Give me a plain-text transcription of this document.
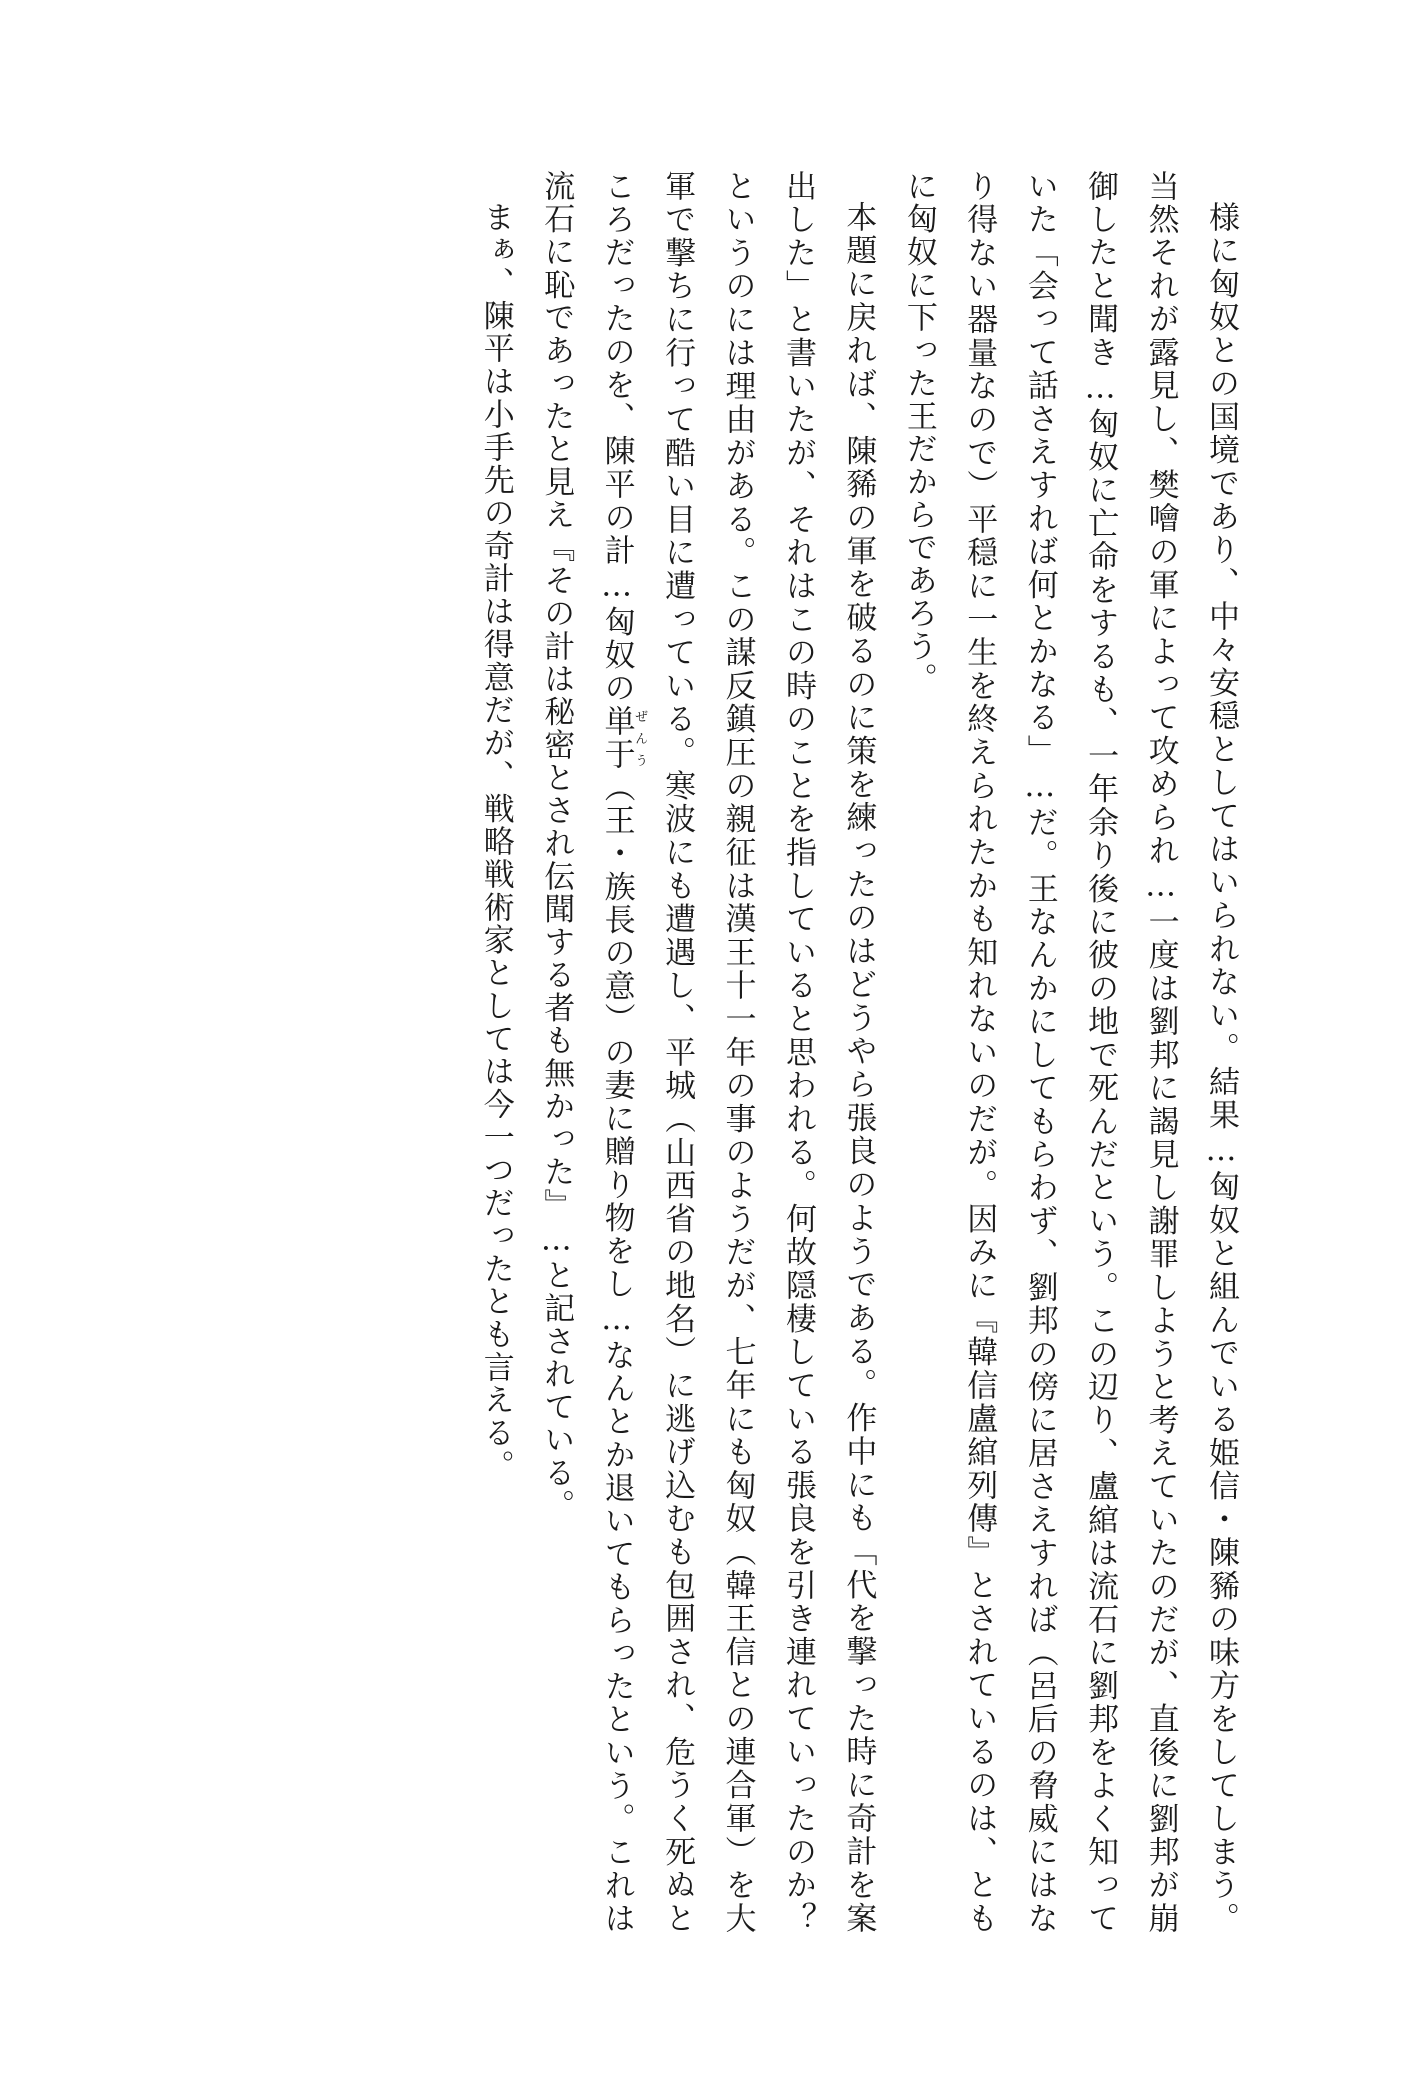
様に匈奴との国境であり、中々安穏としてはいられない。結果…匈奴と組んでいる姫信・陳豨の味方をしてしまう。当然それが露見し、樊噲の軍によって攻められ…一度は劉邦に謁見し謝罪しようと考えていたのだが、直後に劉邦が崩御したと聞き…匈奴に亡命をするも、一年余り後に彼の地で死んだという。この辺り、盧綰は流石に劉邦をよく知っていた「会って話さえすれば何とかなる」…だ。王なんかにしてもらわず、劉邦の傍に居さえすれば（呂后の脅威にはなり得ない器量なので）平穏に一生を終えられたかも知れないのだが。因みに『韓信盧綰列傳』とされているのは、ともに匈奴に下った王だからであろう。

本題に戻れば、陳豨の軍を破るのに策を練ったのはどうやら張良のようである。作中にも「代を撃った時に奇計を案出した」と書いたが、それはこの時のことを指していると思われる。何故隠棲している張良を引き連れていったのか？というのには理由がある。この謀反鎮圧の親征は漢王十一年の事のようだが、七年にも匈奴（韓王信との連合軍）を大軍で撃ちに行って酷い目に遭っている。寒波にも遭遇し、平城（山西省の地名）に逃げ込むも包囲され、危うく死ぬところだったのを、陳平の計…匈奴の単于ぜんう（王・族長の意）の妻に贈り物をし…なんとか退いてもらったという。これは流石に恥であったと見え『その計は秘密とされ伝聞する者も無かった』…と記されている。

まぁ、陳平は小手先の奇計は得意だが、戦略戦術家としては今一つだったとも言える。
